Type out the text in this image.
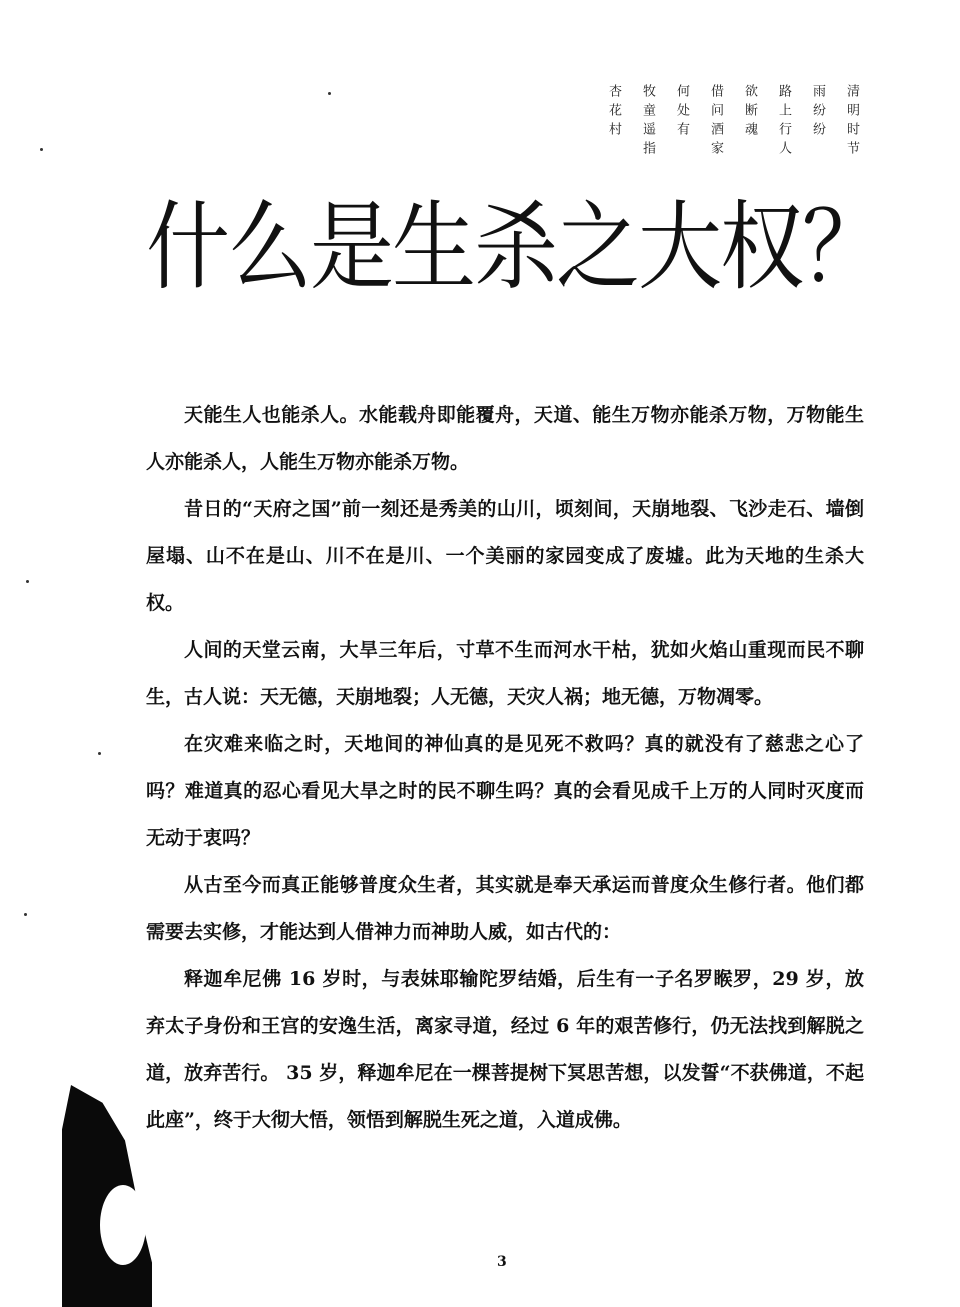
清明时节
雨纷纷
路上行人
欲断魂
借问酒家
何处有
牧童遥指
杏花村
什么是生杀之大权？

天能生人也能杀人。水能载舟即能覆舟，天道、能生万物亦能杀万物，万物能生人亦能杀人，人能生万物亦能杀万物。

昔日的“天府之国”前一刻还是秀美的山川，顷刻间，天崩地裂、飞沙走石、墙倒屋塌、山不在是山、川不在是川、一个美丽的家园变成了废墟。此为天地的生杀大权。

人间的天堂云南，大旱三年后，寸草不生而河水干枯，犹如火焰山重现而民不聊生，古人说：天无德，天崩地裂；人无德，天灾人祸；地无德，万物凋零。

在灾难来临之时，天地间的神仙真的是见死不救吗？真的就没有了慈悲之心了吗？难道真的忍心看见大旱之时的民不聊生吗？真的会看见成千上万的人同时灭度而无动于衷吗？

从古至今而真正能够普度众生者，其实就是奉天承运而普度众生修行者。他们都需要去实修，才能达到人借神力而神助人威，如古代的：

释迦牟尼佛 16 岁时，与表妹耶输陀罗结婚，后生有一子名罗睺罗，29 岁，放弃太子身份和王宫的安逸生活，离家寻道，经过 6 年的艰苦修行，仍无法找到解脱之道，放弃苦行。 35 岁，释迦牟尼在一棵菩提树下冥思苦想，以发誓“不获佛道，不起此座”，终于大彻大悟，领悟到解脱生死之道，入道成佛。

3
